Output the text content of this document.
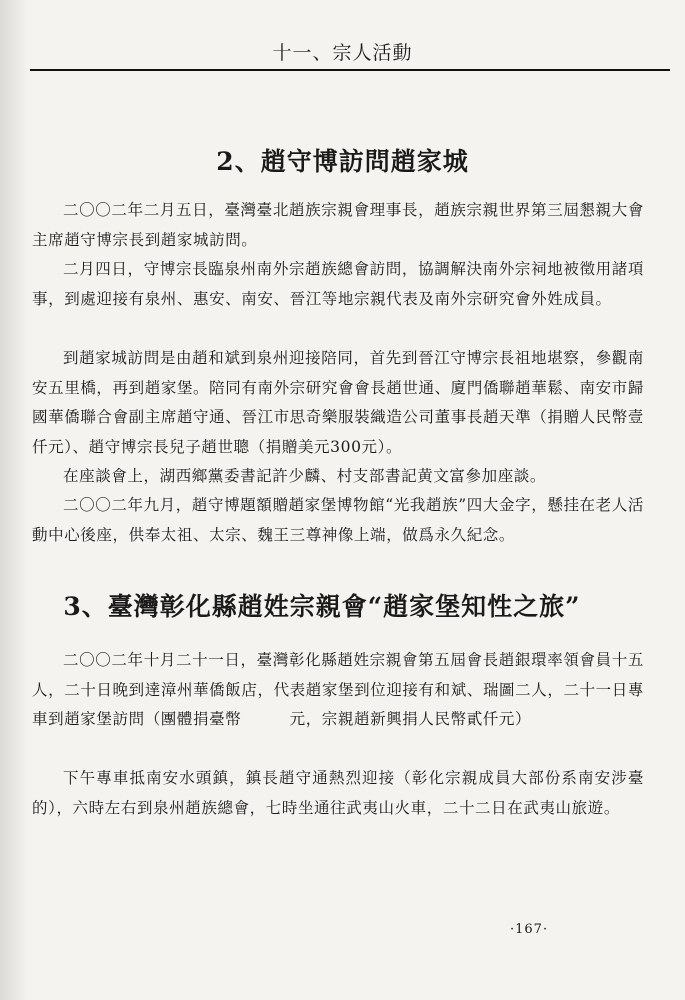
十一、宗人活動
2、趙守博訪問趙家城

二〇〇二年二月五日，臺灣臺北趙族宗親會理事長，趙族宗親世界第三屆懇親大會主席趙守博宗長到趙家城訪問。

二月四日，守博宗長臨泉州南外宗趙族總會訪問，協調解決南外宗祠地被徵用諸項事，到處迎接有泉州、惠安、南安、晉江等地宗親代表及南外宗研究會外姓成員。

到趙家城訪問是由趙和斌到泉州迎接陪同，首先到晉江守博宗長祖地堪察，參觀南安五里橋，再到趙家堡。陪同有南外宗研究會會長趙世通、廈門僑聯趙華鬆、南安市歸國華僑聯合會副主席趙守通、晉江市思奇樂服裝織造公司董事長趙天準（捐贈人民幣壹仟元）、趙守博宗長兒子趙世聰（捐贈美元300元）。

在座談會上，湖西鄉黨委書記許少麟、村支部書記黄文富參加座談。

二〇〇二年九月，趙守博題額贈趙家堡博物館“光我趙族”四大金字，懸挂在老人活動中心後座，供奉太祖、太宗、魏王三尊神像上端，做爲永久紀念。

3、臺灣彰化縣趙姓宗親會“趙家堡知性之旅”

二〇〇二年十月二十一日，臺灣彰化縣趙姓宗親會第五屆會長趙銀環率領會員十五人，二十日晚到達漳州華僑飯店，代表趙家堡到位迎接有和斌、瑞圖二人，二十一日專車到趙家堡訪問（團體捐臺幣　　　元，宗親趙新興捐人民幣貳仟元）

下午專車抵南安水頭鎮，鎮長趙守通熱烈迎接（彰化宗親成員大部份系南安涉臺的），六時左右到泉州趙族總會，七時坐通往武夷山火車，二十二日在武夷山旅遊。

·167·
